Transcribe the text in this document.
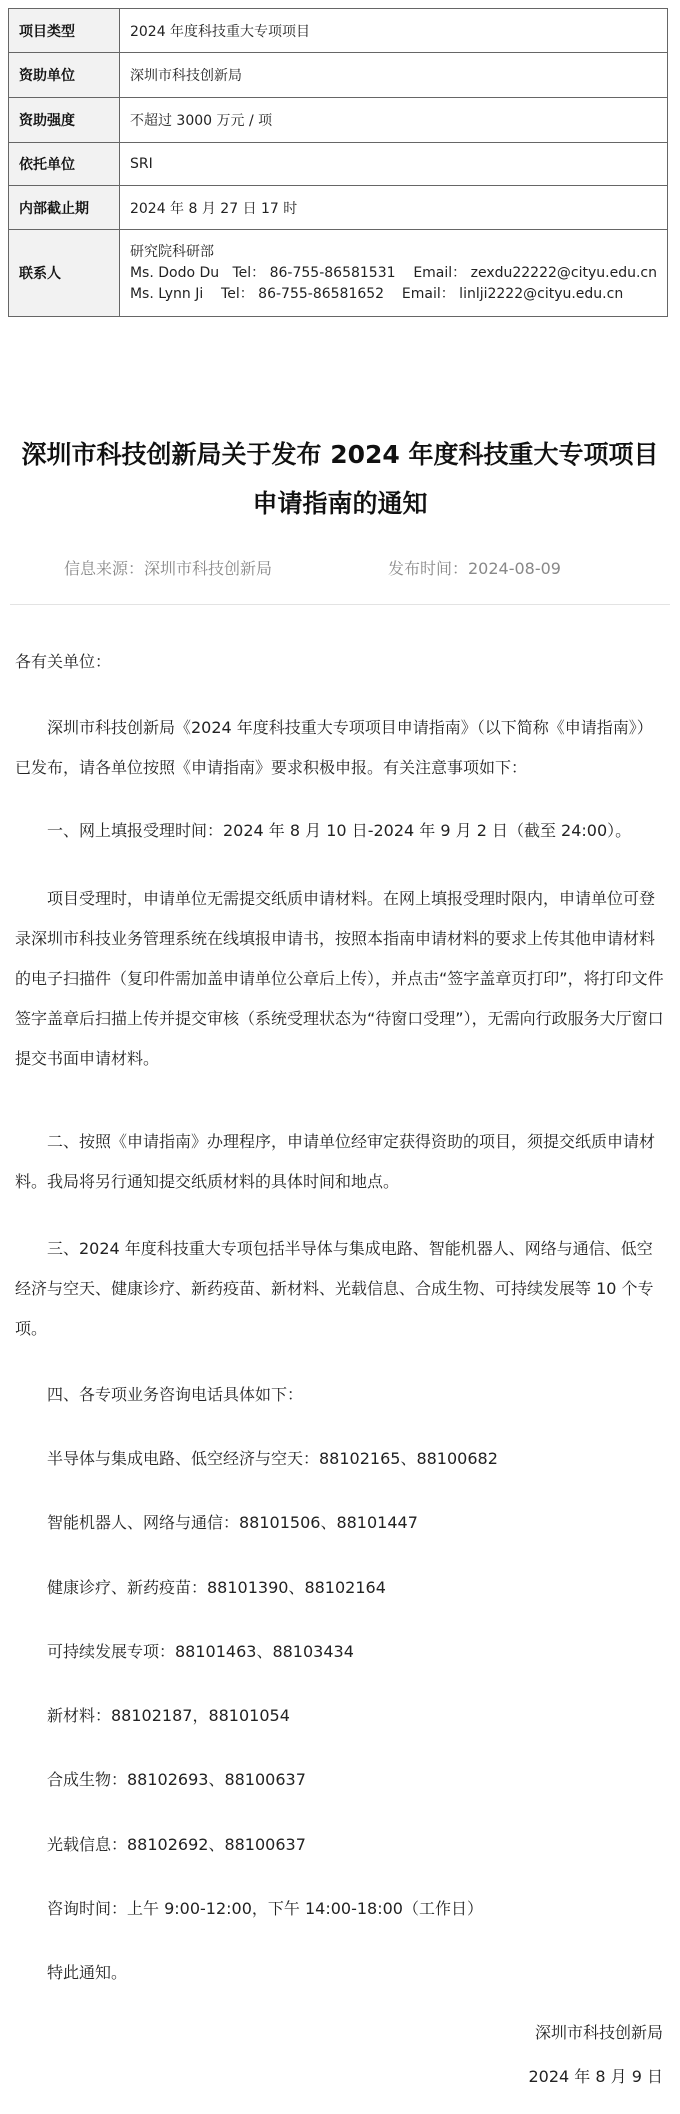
项目类型	2024 年度科技重大专项项目
资助单位	深圳市科技创新局
资助强度	不超过 3000 万元 / 项
依托单位	SRI
内部截止期	2024 年 8 月 27 日 17 时
联系人	研究院科研部
Ms. Dodo Du   Tel： 86-755-86581531    Email： zexdu22222@cityu.edu.cn
Ms. Lynn Ji    Tel： 86-755-86581652    Email： linlji2222@cityu.edu.cn
深圳市科技创新局关于发布 2024 年度科技重大专项项目申请指南的通知
信息来源：深圳市科技创新局	发布时间：2024-08-09

各有关单位：

深圳市科技创新局《2024 年度科技重大专项项目申请指南》（以下简称《申请指南》）已发布，请各单位按照《申请指南》要求积极申报。有关注意事项如下：

一、网上填报受理时间：2024 年 8 月 10 日-2024 年 9 月 2 日（截至 24:00）。

项目受理时，申请单位无需提交纸质申请材料。在网上填报受理时限内，申请单位可登录深圳市科技业务管理系统在线填报申请书，按照本指南申请材料的要求上传其他申请材料的电子扫描件（复印件需加盖申请单位公章后上传），并点击“签字盖章页打印”，将打印文件签字盖章后扫描上传并提交审核（系统受理状态为“待窗口受理”），无需向行政服务大厅窗口提交书面申请材料。

二、按照《申请指南》办理程序，申请单位经审定获得资助的项目，须提交纸质申请材料。我局将另行通知提交纸质材料的具体时间和地点。

三、2024 年度科技重大专项包括半导体与集成电路、智能机器人、网络与通信、低空经济与空天、健康诊疗、新药疫苗、新材料、光载信息、合成生物、可持续发展等 10 个专项。

四、各专项业务咨询电话具体如下：

半导体与集成电路、低空经济与空天：88102165、88100682

智能机器人、网络与通信：88101506、88101447

健康诊疗、新药疫苗：88101390、88102164

可持续发展专项：88101463、88103434

新材料：88102187，88101054

合成生物：88102693、88100637

光载信息：88102692、88100637

咨询时间：上午 9:00-12:00，下午 14:00-18:00（工作日）

特此通知。

深圳市科技创新局

2024 年 8 月 9 日
